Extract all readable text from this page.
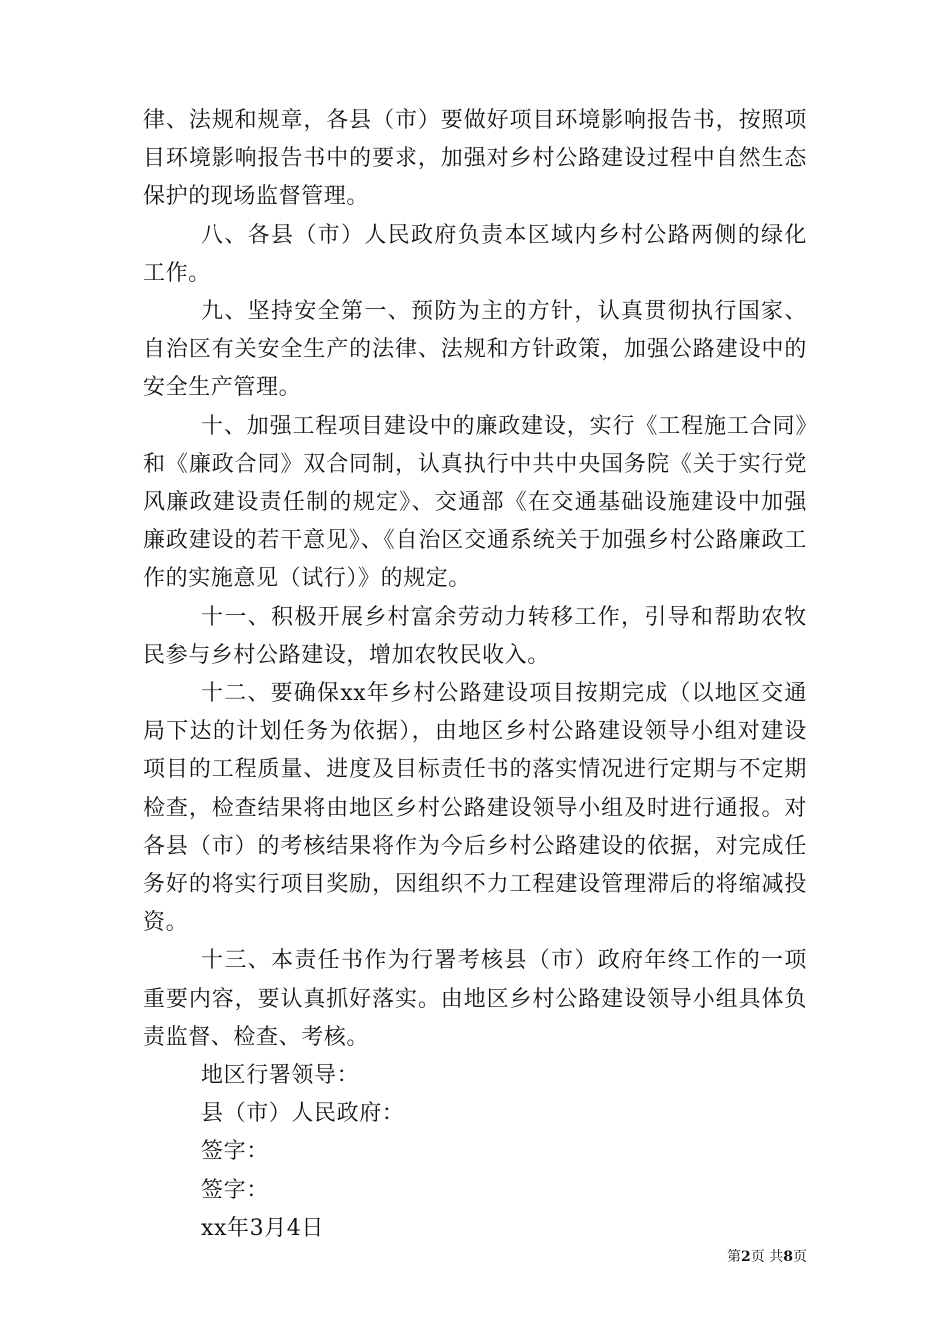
律、法规和规章，各县（市）要做好项目环境影响报告书，按照项目环境影响报告书中的要求，加强对乡村公路建设过程中自然生态保护的现场监督管理。

八、各县（市）人民政府负责本区域内乡村公路两侧的绿化工作。

九、坚持安全第一、预防为主的方针，认真贯彻执行国家、自治区有关安全生产的法律、法规和方针政策，加强公路建设中的安全生产管理。

十、加强工程项目建设中的廉政建设，实行《工程施工合同》和《廉政合同》双合同制，认真执行中共中央国务院《关于实行党风廉政建设责任制的规定》、交通部《在交通基础设施建设中加强廉政建设的若干意见》、《自治区交通系统关于加强乡村公路廉政工作的实施意见（试行）》的规定。

十一、积极开展乡村富余劳动力转移工作，引导和帮助农牧民参与乡村公路建设，增加农牧民收入。

十二、要确保xx年乡村公路建设项目按期完成（以地区交通局下达的计划任务为依据），由地区乡村公路建设领导小组对建设项目的工程质量、进度及目标责任书的落实情况进行定期与不定期检查，检查结果将由地区乡村公路建设领导小组及时进行通报。对各县（市）的考核结果将作为今后乡村公路建设的依据，对完成任务好的将实行项目奖励，因组织不力工程建设管理滞后的将缩减投资。

十三、本责任书作为行署考核县（市）政府年终工作的一项重要内容，要认真抓好落实。由地区乡村公路建设领导小组具体负责监督、检查、考核。

地区行署领导：

县（市）人民政府：

签字：

签字：

xx年3月4日

第2页 共8页
